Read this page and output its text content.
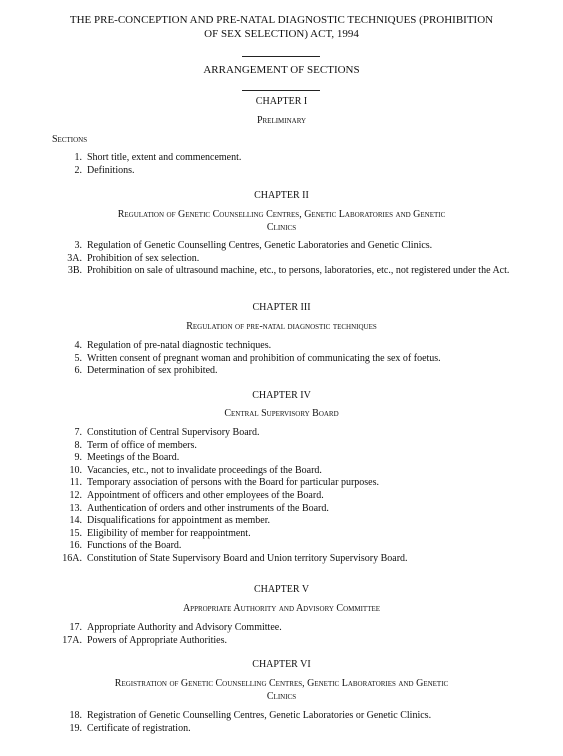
THE PRE-CONCEPTION AND PRE-NATAL DIAGNOSTIC TECHNIQUES (PROHIBITION
OF SEX SELECTION) ACT, 1994
ARRANGEMENT OF SECTIONS
CHAPTER I
Preliminary
Sections
1. Short title, extent and commencement.
2. Definitions.
CHAPTER II
Regulation of Genetic Counselling Centres, Genetic Laboratories and Genetic
Clinics
3. Regulation of Genetic Counselling Centres, Genetic Laboratories and Genetic Clinics.
3A. Prohibition of sex selection.
3B. Prohibition on sale of ultrasound machine, etc., to persons, laboratories, etc., not registered under the Act.
CHAPTER III
Regulation of pre-natal diagnostic techniques
4. Regulation of pre-natal diagnostic techniques.
5. Written consent of pregnant woman and prohibition of communicating the sex of foetus.
6. Determination of sex prohibited.
CHAPTER IV
Central Supervisory Board
7. Constitution of Central Supervisory Board.
8. Term of office of members.
9. Meetings of the Board.
10. Vacancies, etc., not to invalidate proceedings of the Board.
11. Temporary association of persons with the Board for particular purposes.
12. Appointment of officers and other employees of the Board.
13. Authentication of orders and other instruments of the Board.
14. Disqualifications for appointment as member.
15. Eligibility of member for reappointment.
16. Functions of the Board.
16A. Constitution of State Supervisory Board and Union territory Supervisory Board.
CHAPTER V
Appropriate Authority and Advisory Committee
17. Appropriate Authority and Advisory Committee.
17A. Powers of Appropriate Authorities.
CHAPTER VI
Registration of Genetic Counselling Centres, Genetic Laboratories and Genetic
Clinics
18. Registration of Genetic Counselling Centres, Genetic Laboratories or Genetic Clinics.
19. Certificate of registration.
